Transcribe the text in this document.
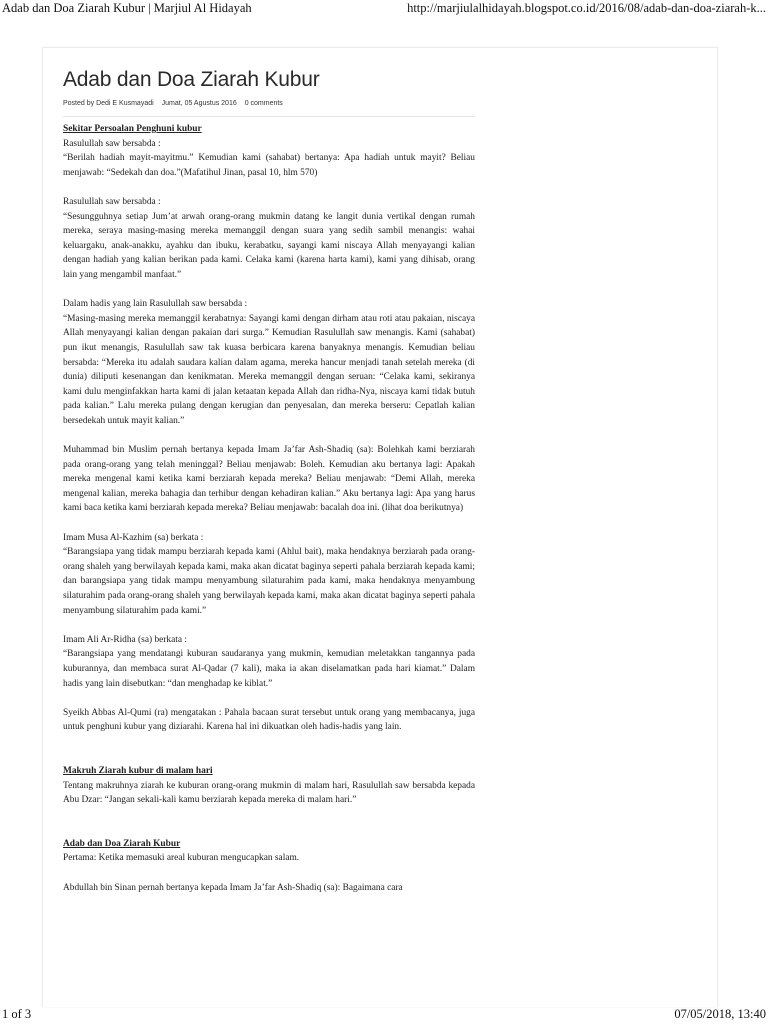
Adab dan Doa Ziarah Kubur | Marjiul Al Hidayah	http://marjiulalhidayah.blogspot.co.id/2016/08/adab-dan-doa-ziarah-k...
Adab dan Doa Ziarah Kubur
Posted by Dedi E Kusmayadi Jumat, 05 Agustus 2016 0 comments

Sekitar Persoalan Penghuni kubur

Rasulullah saw bersabda :

“Berilah hadiah mayit-mayitmu.” Kemudian kami (sahabat) bertanya: Apa hadiah untuk mayit? Beliau menjawab: “Sedekah dan doa.”(Mafatihul Jinan, pasal 10, hlm 570)

Rasulullah saw bersabda :

“Sesungguhnya setiap Jum’at arwah orang-orang mukmin datang ke langit dunia vertikal dengan rumah mereka, seraya masing-masing mereka memanggil dengan suara yang sedih sambil menangis: wahai keluargaku, anak-anakku, ayahku dan ibuku, kerabatku, sayangi kami niscaya Allah menyayangi kalian dengan hadiah yang kalian berikan pada kami. Celaka kami (karena harta kami), kami yang dihisab, orang lain yang mengambil manfaat.”

Dalam hadis yang lain Rasulullah saw bersabda :

“Masing-masing mereka memanggil kerabatnya: Sayangi kami dengan dirham atau roti atau pakaian, niscaya Allah menyayangi kalian dengan pakaian dari surga.” Kemudian Rasulullah saw menangis. Kami (sahabat) pun ikut menangis, Rasulullah saw tak kuasa berbicara karena banyaknya menangis. Kemudian beliau bersabda: “Mereka itu adalah saudara kalian dalam agama, mereka hancur menjadi tanah setelah mereka (di dunia) diliputi kesenangan dan kenikmatan. Mereka memanggil dengan seruan: “Celaka kami, sekiranya kami dulu menginfakkan harta kami di jalan ketaatan kepada Allah dan ridha-Nya, niscaya kami tidak butuh pada kalian.” Lalu mereka pulang dengan kerugian dan penyesalan, dan mereka berseru: Cepatlah kalian bersedekah untuk mayit kalian.”

Muhammad bin Muslim pernah bertanya kepada Imam Ja’far Ash-Shadiq (sa): Bolehkah kami berziarah pada orang-orang yang telah meninggal? Beliau menjawab: Boleh. Kemudian aku bertanya lagi: Apakah mereka mengenal kami ketika kami berziarah kepada mereka? Beliau menjawab: “Demi Allah, mereka mengenal kalian, mereka bahagia dan terhibur dengan kehadiran kalian.” Aku bertanya lagi: Apa yang harus kami baca ketika kami berziarah kepada mereka? Beliau menjawab: bacalah doa ini. (lihat doa berikutnya)

Imam Musa Al-Kazhim (sa) berkata :

“Barangsiapa yang tidak mampu berziarah kepada kami (Ahlul bait), maka hendaknya berziarah pada orang-orang shaleh yang berwilayah kepada kami, maka akan dicatat baginya seperti pahala berziarah kepada kami; dan barangsiapa yang tidak mampu menyambung silaturahim pada kami, maka hendaknya menyambung silaturahim pada orang-orang shaleh yang berwilayah kepada kami, maka akan dicatat baginya seperti pahala menyambung silaturahim pada kami.”

Imam Ali Ar-Ridha (sa) berkata :

“Barangsiapa yang mendatangi kuburan saudaranya yang mukmin, kemudian meletakkan tangannya pada kuburannya, dan membaca surat Al-Qadar (7 kali), maka ia akan diselamatkan pada hari kiamat.” Dalam hadis yang lain disebutkan: “dan menghadap ke kiblat.”

Syeikh Abbas Al-Qumi (ra) mengatakan : Pahala bacaan surat tersebut untuk orang yang membacanya, juga untuk penghuni kubur yang diziarahi. Karena hal ini dikuatkan oleh hadis-hadis yang lain.

Makruh Ziarah kubur di malam hari

Tentang makruhnya ziarah ke kuburan orang-orang mukmin di malam hari, Rasulullah saw bersabda kepada Abu Dzar: “Jangan sekali-kali kamu berziarah kepada mereka di malam hari.”

Adab dan Doa Ziarah Kubur

Pertama: Ketika memasuki areal kuburan mengucapkan salam.

Abdullah bin Sinan pernah bertanya kepada Imam Ja’far Ash-Shadiq (sa): Bagaimana cara

1 of 3	07/05/2018, 13:40
